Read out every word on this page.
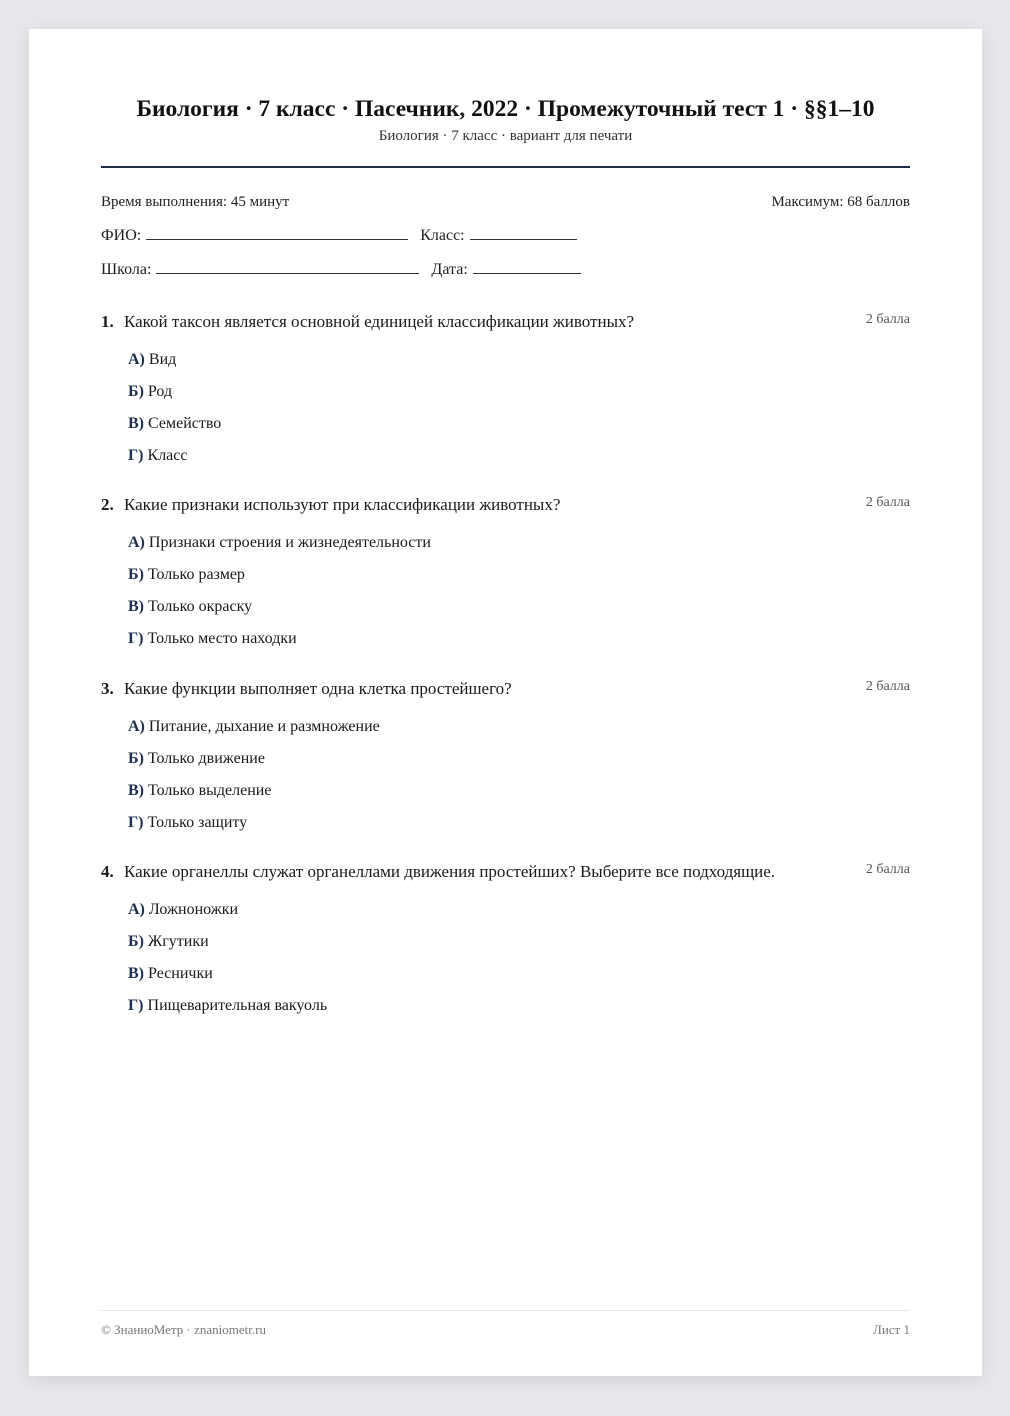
Биология · 7 класс · Пасечник, 2022 · Промежуточный тест 1 · §§1–10
Биология · 7 класс · вариант для печати
Время выполнения: 45 минут	Максимум: 68 баллов
ФИО:	Класс:
Школа:	Дата:
1. Какой таксон является основной единицей классификации животных?	2 балла
А) Вид
Б) Род
В) Семейство
Г) Класс
2. Какие признаки используют при классификации животных?	2 балла
А) Признаки строения и жизнедеятельности
Б) Только размер
В) Только окраску
Г) Только место находки
3. Какие функции выполняет одна клетка простейшего?	2 балла
А) Питание, дыхание и размножение
Б) Только движение
В) Только выделение
Г) Только защиту
4. Какие органеллы служат органеллами движения простейших? Выберите все подходящие.	2 балла
А) Ложноножки
Б) Жгутики
В) Реснички
Г) Пищеварительная вакуоль
© ЗнаниоМетр · znaniometr.ru	Лист 1
